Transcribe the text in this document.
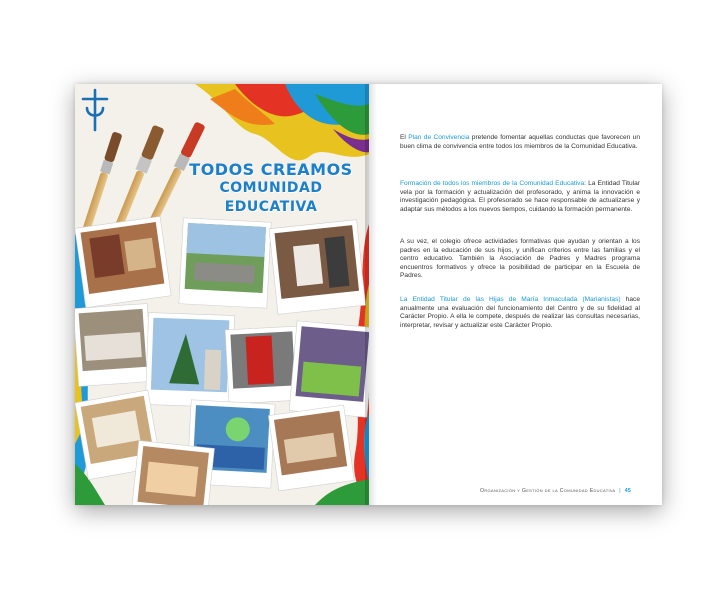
TODOS CREAMOS
COMUNIDAD EDUCATIVA

El Plan de Convivencia pretende fomentar aquellas conductas que favorecen un buen clima de convivencia entre todos los miembros de la Comunidad Educativa.

Formación de todos los miembros de la Comunidad Educativa: La Entidad Titular vela por la formación y actualización del profesorado, y anima la innovación e investigación pedagógica. El profesorado se hace responsable de actualizarse y adaptar sus métodos a los nuevos tiempos, cuidando la formación permanente.

A su vez, el colegio ofrece actividades formativas que ayudan y orientan a los padres en la educación de sus hijos, y unifican criterios entre las familias y el centro educativo. También la Asociación de Padres y Madres programa encuentros formativos y ofrece la posibilidad de participar en la Escuela de Padres.

La Entidad Titular de las Hijas de María Inmaculada (Marianistas) hace anualmente una evaluación del funcionamiento del Centro y de su fidelidad al Carácter Propio. A ella le compete, después de realizar las consultas necesarias, interpretar, revisar y actualizar este Carácter Propio.

Organización y Gestión de la Comunidad Educativa | 45
